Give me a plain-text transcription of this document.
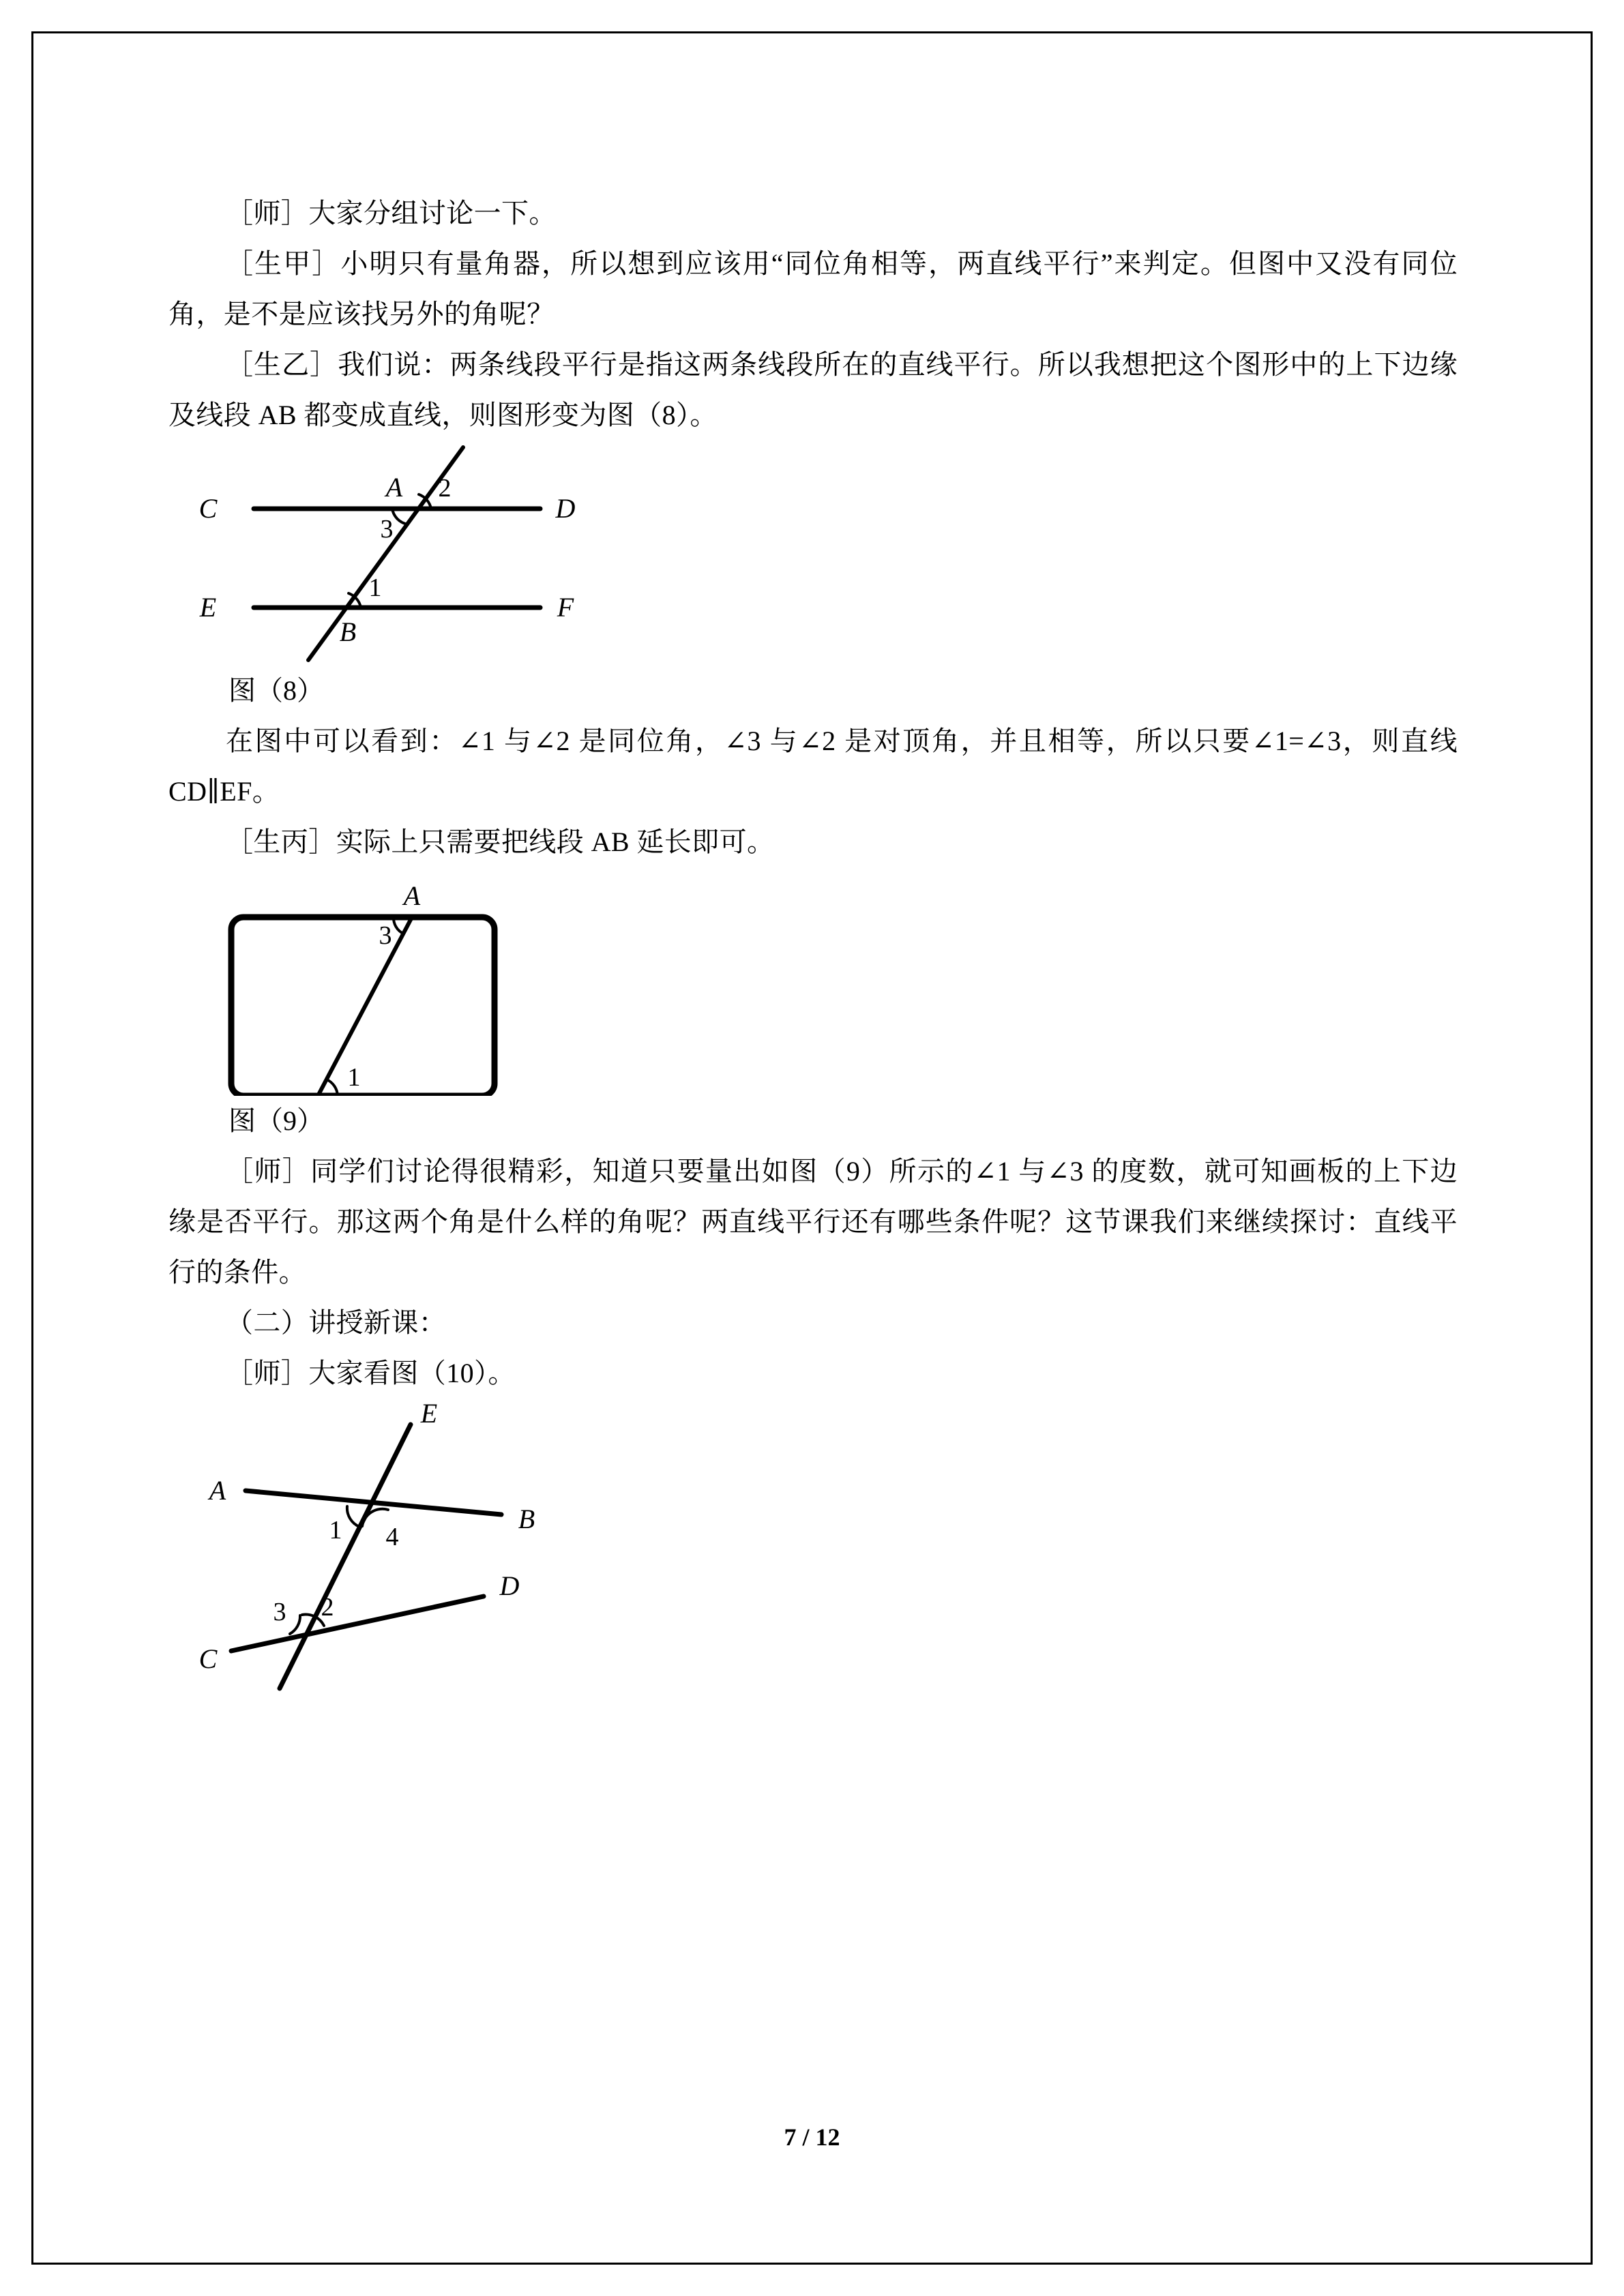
［师］大家分组讨论一下。

［生甲］小明只有量角器，所以想到应该用“同位角相等，两直线平行”来判定。但图中又没有同位角，是不是应该找另外的角呢？

［生乙］我们说：两条线段平行是指这两条线段所在的直线平行。所以我想把这个图形中的上下边缘及线段 AB 都变成直线，则图形变为图（8）。

C	D
E	F
A
B
2
3
1

图（8）

在图中可以看到：∠1 与∠2 是同位角，∠3 与∠2 是对顶角，并且相等，所以只要∠1=∠3，则直线 CD∥EF。

［生丙］实际上只需要把线段 AB 延长即可。

A
3
1

图（9）

［师］同学们讨论得很精彩，知道只要量出如图（9）所示的∠1 与∠3 的度数，就可知画板的上下边缘是否平行。那这两个角是什么样的角呢？两直线平行还有哪些条件呢？这节课我们来继续探讨：直线平行的条件。

（二）讲授新课：

［师］大家看图（10）。

A
B
C
D
E
1 4
3 2
7 / 12
